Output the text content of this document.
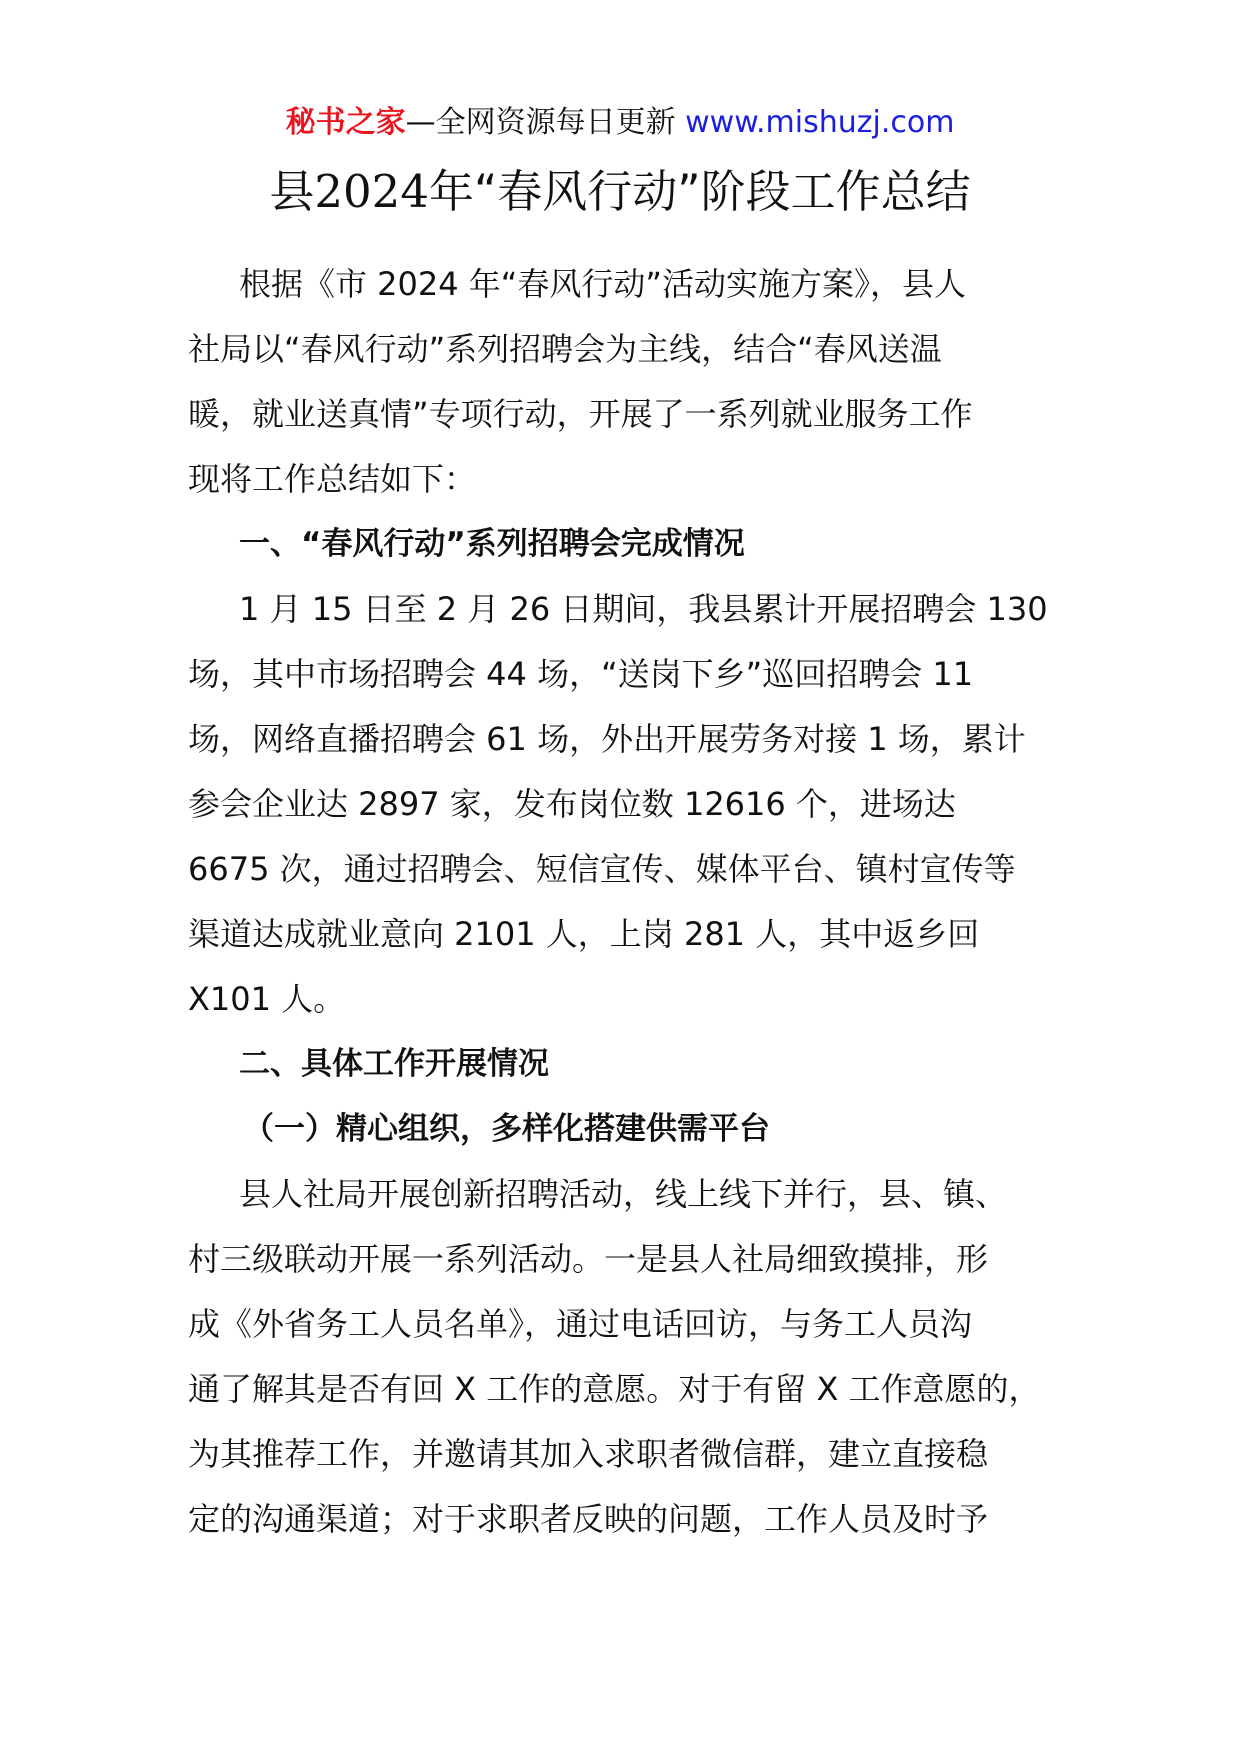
秘书之家—全网资源每日更新 www.mishuzj.com
县2024年“春风行动”阶段工作总结
根据《市 2024 年“春风行动”活动实施方案》，县人
社局以“春风行动”系列招聘会为主线，结合“春风送温
暖，就业送真情”专项行动，开展了一系列就业服务工作
现将工作总结如下：
一、“春风行动”系列招聘会完成情况
1 月 15 日至 2 月 26 日期间，我县累计开展招聘会 130
场，其中市场招聘会 44 场，“送岗下乡”巡回招聘会 11
场，网络直播招聘会 61 场，外出开展劳务对接 1 场，累计
参会企业达 2897 家，发布岗位数 12616 个，进场达
6675 次，通过招聘会、短信宣传、媒体平台、镇村宣传等
渠道达成就业意向 2101 人，上岗 281 人，其中返乡回
X101 人。
二、具体工作开展情况
（一）精心组织，多样化搭建供需平台
县人社局开展创新招聘活动，线上线下并行，县、镇、
村三级联动开展一系列活动。一是县人社局细致摸排，形
成《外省务工人员名单》，通过电话回访，与务工人员沟
通了解其是否有回 X 工作的意愿。对于有留 X 工作意愿的，
为其推荐工作，并邀请其加入求职者微信群，建立直接稳
定的沟通渠道；对于求职者反映的问题，工作人员及时予
